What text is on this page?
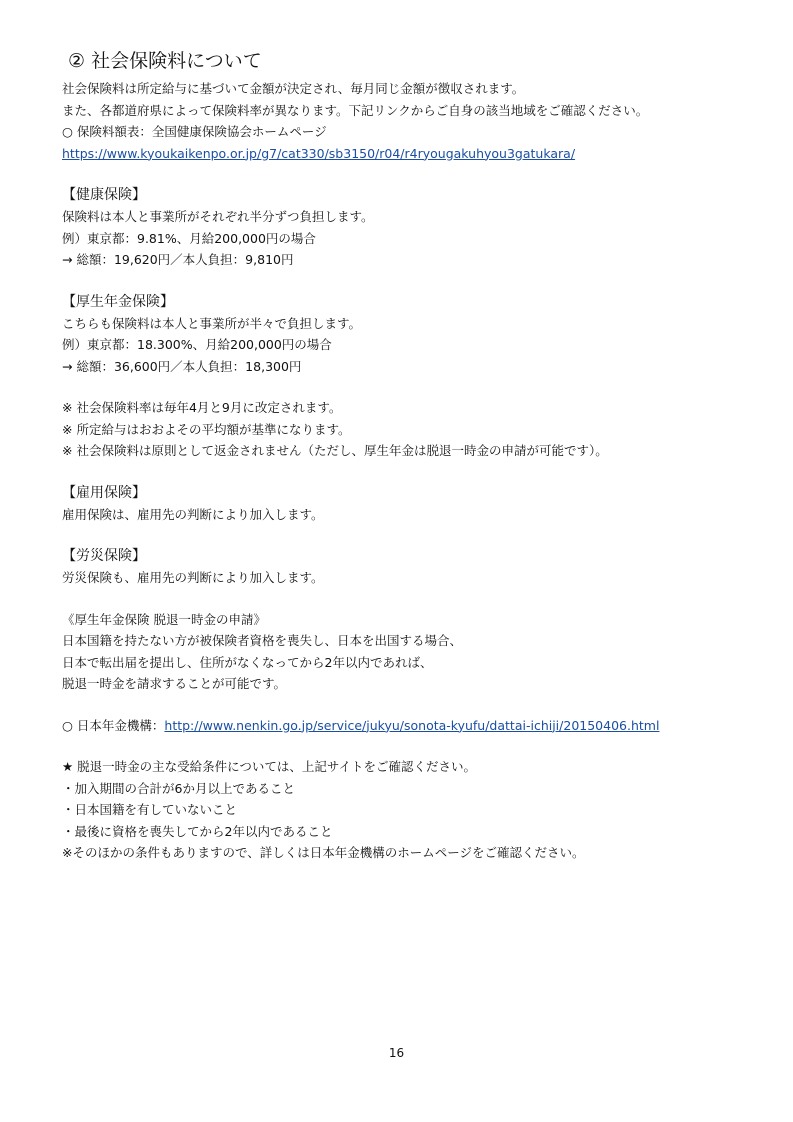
② 社会保険料について
社会保険料は所定給与に基づいて金額が決定され、毎月同じ金額が徴収されます。
また、各都道府県によって保険料率が異なります。下記リンクからご自身の該当地域をご確認ください。
○ 保険料額表：全国健康保険協会ホームページ
https://www.kyoukaikenpo.or.jp/g7/cat330/sb3150/r04/r4ryougakuhyou3gatukara/
【健康保険】
保険料は本人と事業所がそれぞれ半分ずつ負担します。
例）東京都：9.81%、月給200,000円の場合
→ 総額：19,620円／本人負担：9,810円
【厚生年金保険】
こちらも保険料は本人と事業所が半々で負担します。
例）東京都：18.300%、月給200,000円の場合
→ 総額：36,600円／本人負担：18,300円
※ 社会保険料率は毎年4月と9月に改定されます。
※ 所定給与はおおよその平均額が基準になります。
※ 社会保険料は原則として返金されません（ただし、厚生年金は脱退一時金の申請が可能です）。
【雇用保険】
雇用保険は、雇用先の判断により加入します。
【労災保険】
労災保険も、雇用先の判断により加入します。
《厚生年金保険 脱退一時金の申請》
日本国籍を持たない方が被保険者資格を喪失し、日本を出国する場合、
日本で転出届を提出し、住所がなくなってから2年以内であれば、
脱退一時金を請求することが可能です。
○ 日本年金機構：http://www.nenkin.go.jp/service/jukyu/sonota-kyufu/dattai-ichiji/20150406.html
★ 脱退一時金の主な受給条件については、上記サイトをご確認ください。
・加入期間の合計が6か月以上であること
・日本国籍を有していないこと
・最後に資格を喪失してから2年以内であること
※そのほかの条件もありますので、詳しくは日本年金機構のホームページをご確認ください。
16
